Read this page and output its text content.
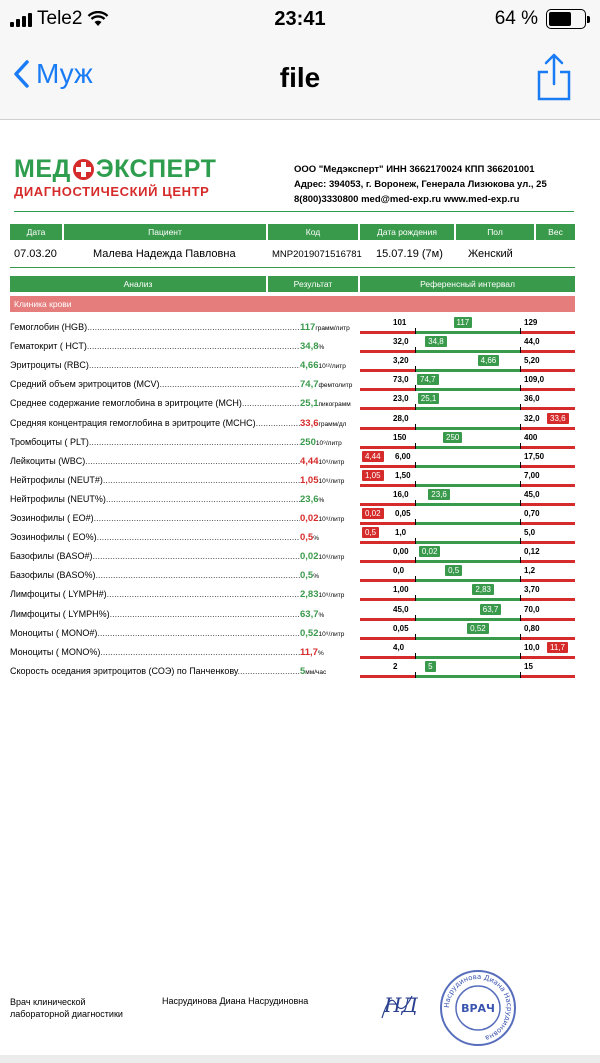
Tele2	23:41	64 %
Муж	file
МЕД ЭКСПЕРТ
ДИАГНОСТИЧЕСКИЙ ЦЕНТР
ООО "Медэксперт" ИНН 3662170024 КПП 366201001
Адрес: 394053, г. Воронеж, Генерала Лизюкова ул., 25
8(800)3330800 med@med-exp.ru www.med-exp.ru
Дата	Пациент	Код	Дата рождения	Пол	Вес
07.03.20	Малева Надежда Павловна	MNP2019071516781 15.07.19 (7м) Женский
Анализ	Результат	Референсный интервал
Клиника крови
Гемоглобин (HGB) .....	117грамм/литр
101	129
117
Гематокрит ( HCT) .....	34,8%
32,0	44,0
34,8
Эритроциты (RBC) .....	4,6610¹²/литр
3,20	5,20
4,66
Средний объем эритроцитов (MCV) .....	74,7фемтолитр
73,0	109,0
74,7
Среднее содержание гемоглобина в эритроците (MCH) .....	25,1пикограмм
23,0	36,0
25,1
Средняя концентрация гемоглобина в эритроците (MCHC) .....	33,6грамм/дл
28,0	32,0	33,6
Тромбоциты ( PLT) .....	25010⁹/литр
150	400
250
Лейкоциты (WBC) .....	4,4410⁹/литр
6,00	17,50
4,44
Нейтрофилы (NEUT#) .....	1,0510⁹/литр
1,50	7,00
1,05
Нейтрофилы (NEUT%) .....	23,6%
16,0	45,0
23,6
Эозинофилы ( EO#) .....	0,0210⁹/литр
0,05	0,70
0,02
Эозинофилы ( EO%) .....	0,5%
1,0	5,0
0,5
Базофилы (BASO#) .....	0,0210⁹/литр
0,00	0,12
0,02
Базофилы (BASO%) .....	0,5%
0,0	1,2
0,5
Лимфоциты ( LYMPH#) .....	2,8310⁹/литр
1,00	3,70
2,83
Лимфоциты ( LYMPH%) .....	63,7%
45,0	70,0
63,7
Моноциты ( MONO#) .....	0,5210⁹/литр
0,05	0,80
0,52
Моноциты ( MONO%) .....	11,7%
4,0	10,0	11,7
Скорость оседания эритроцитов (СОЭ) по Панченкову .....	5мм/час
2	15
5
Врач клинической
лабораторной диагностики
Насрудинова Диана Насрудиновна	НД	Насрудинова Диана Насрудиновна
ВРАЧ
